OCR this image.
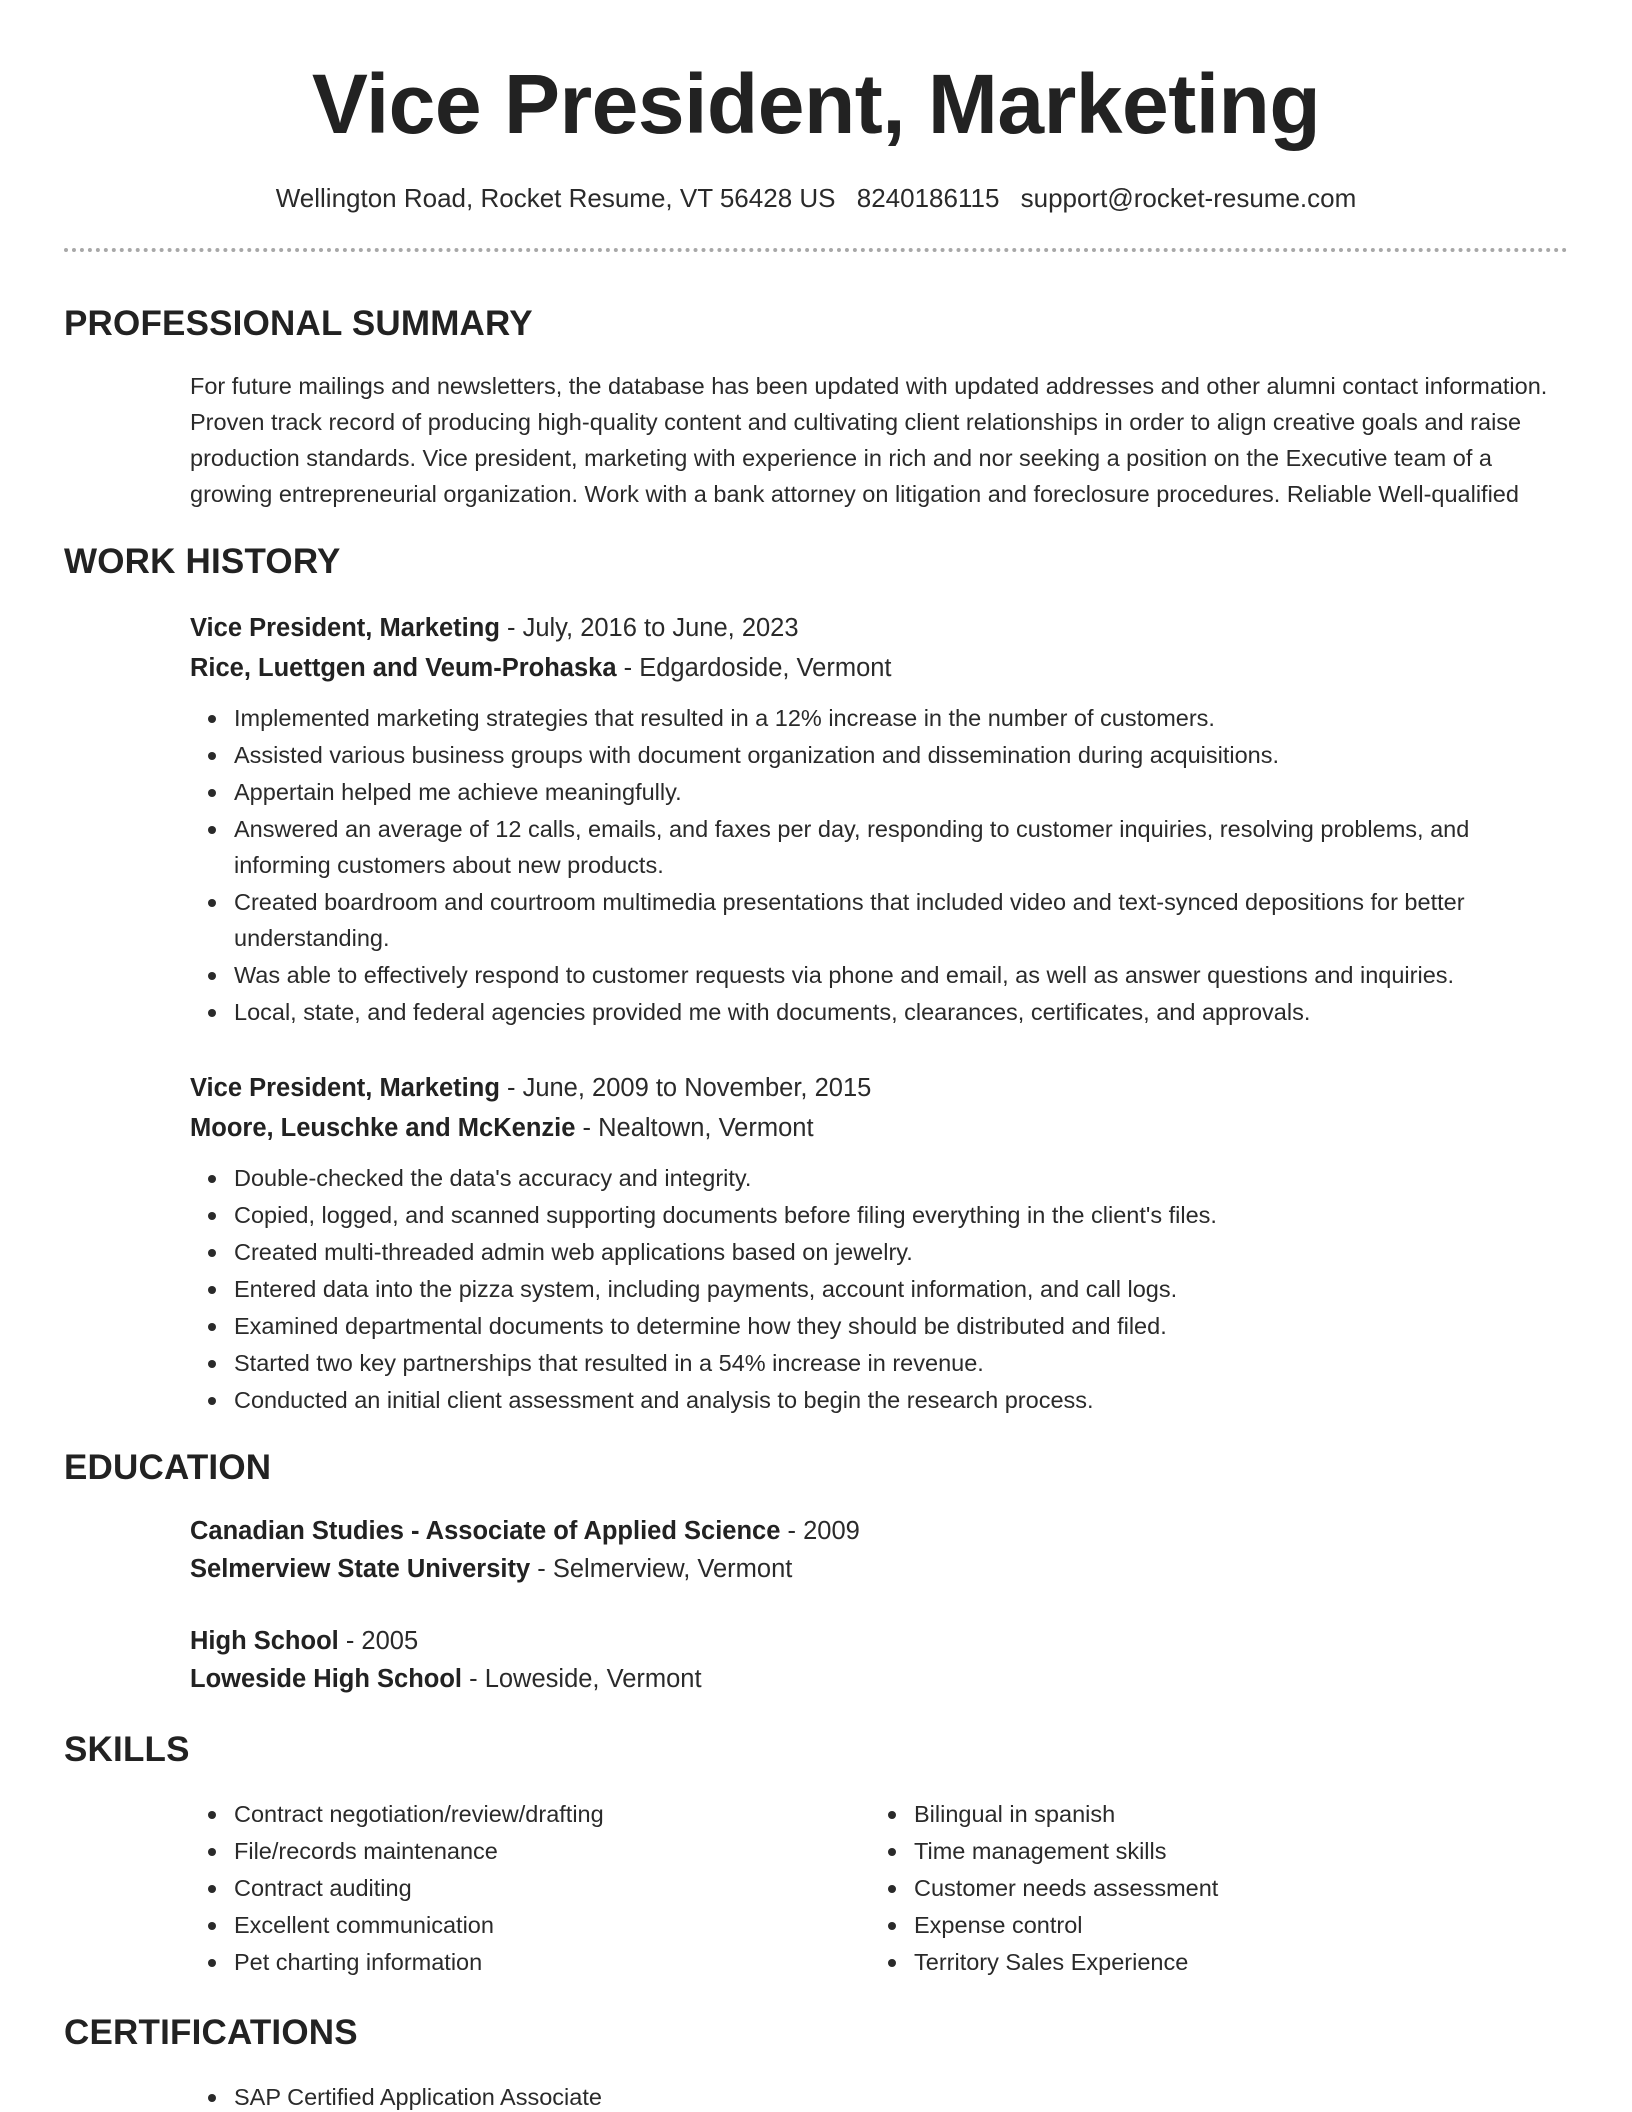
Vice President, Marketing
Wellington Road, Rocket Resume, VT 56428 US 8240186115 support@rocket-resume.com
PROFESSIONAL SUMMARY

For future mailings and newsletters, the database has been updated with updated addresses and other alumni contact information. Proven track record of producing high-quality content and cultivating client relationships in order to align creative goals and raise production standards. Vice president, marketing with experience in rich and nor seeking a position on the Executive team of a growing entrepreneurial organization. Work with a bank attorney on litigation and foreclosure procedures. Reliable Well-qualified

WORK HISTORY
Vice President, Marketing - July, 2016 to June, 2023
Rice, Luettgen and Veum-Prohaska - Edgardoside, Vermont
Implemented marketing strategies that resulted in a 12% increase in the number of customers.
Assisted various business groups with document organization and dissemination during acquisitions.
Appertain helped me achieve meaningfully.
Answered an average of 12 calls, emails, and faxes per day, responding to customer inquiries, resolving problems, and informing customers about new products.
Created boardroom and courtroom multimedia presentations that included video and text-synced depositions for better understanding.
Was able to effectively respond to customer requests via phone and email, as well as answer questions and inquiries.
Local, state, and federal agencies provided me with documents, clearances, certificates, and approvals.
Vice President, Marketing - June, 2009 to November, 2015
Moore, Leuschke and McKenzie - Nealtown, Vermont
Double-checked the data's accuracy and integrity.
Copied, logged, and scanned supporting documents before filing everything in the client's files.
Created multi-threaded admin web applications based on jewelry.
Entered data into the pizza system, including payments, account information, and call logs.
Examined departmental documents to determine how they should be distributed and filed.
Started two key partnerships that resulted in a 54% increase in revenue.
Conducted an initial client assessment and analysis to begin the research process.
EDUCATION
Canadian Studies - Associate of Applied Science - 2009
Selmerview State University - Selmerview, Vermont
High School - 2005
Loweside High School - Loweside, Vermont
SKILLS
Contract negotiation/review/drafting
File/records maintenance
Contract auditing
Excellent communication
Pet charting information
Bilingual in spanish
Time management skills
Customer needs assessment
Expense control
Territory Sales Experience
CERTIFICATIONS
SAP Certified Application Associate
